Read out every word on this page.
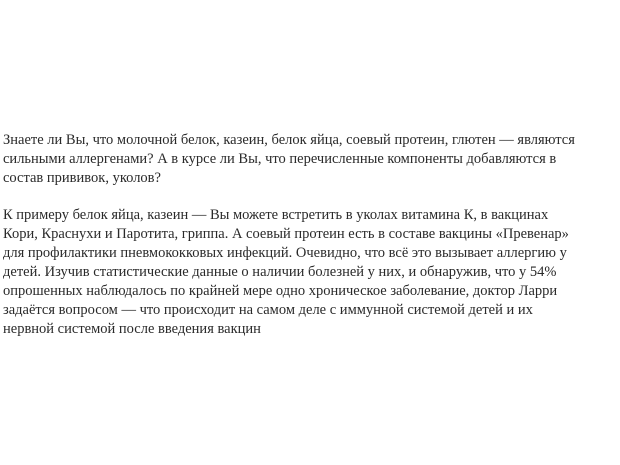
Знаете ли Вы, что молочной белок, казеин, белок яйца, соевый протеин, глютен — являются
сильными аллергенами? А в курсе ли Вы, что перечисленные компоненты добавляются в
состав прививок, уколов?

К примеру белок яйца, казеин — Вы можете встретить в уколах витамина К, в вакцинах
Кори, Краснухи и Паротита, гриппа. А соевый протеин есть в составе вакцины «Превенар»
для профилактики пневмококковых инфекций. Очевидно, что всё это вызывает аллергию у
детей. Изучив статистические данные о наличии болезней у них, и обнаружив, что у 54%
опрошенных наблюдалось по крайней мере одно хроническое заболевание, доктор Ларри
задаётся вопросом — что происходит на самом деле с иммунной системой детей и их
нервной системой после введения вакцин
